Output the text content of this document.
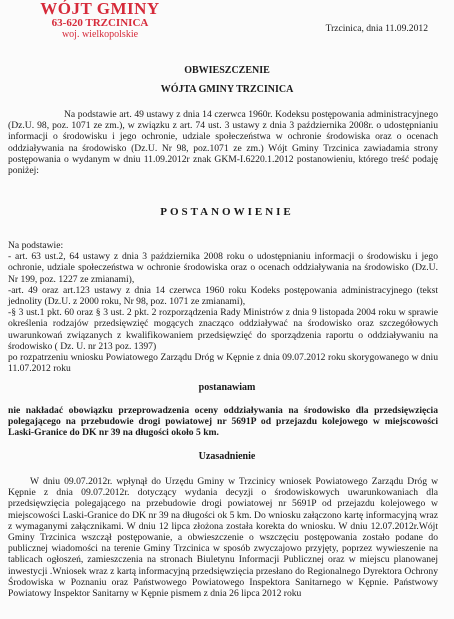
WÓJT GMINY
63-620 TRZCINICA
woj. wielkopolskie
Trzcinica, dnia 11.09.2012
OBWIESZCZENIE
WÓJTA GMINY TRZCINICA
Na podstawie art. 49 ustawy z dnia 14 czerwca 1960r. Kodeksu postępowania administracyjnego (Dz.U. 98, poz. 1071 ze zm.), w związku z art. 74 ust. 3 ustawy z dnia 3 października 2008r. o udostępnianiu informacji o środowisku i jego ochronie, udziale społeczeństwa w ochronie środowiska oraz o ocenach oddziaływania na środowisko (Dz.U. Nr 98, poz.1071 ze zm.) Wójt Gminy Trzcinica zawiadamia strony postępowania o wydanym w dniu 11.09.2012r znak GKM-I.6220.1.2012 postanowieniu, którego treść podaję poniżej:
POSTANOWIENIE
Na podstawie:
- art. 63 ust.2, 64 ustawy z dnia 3 października 2008 roku o udostępnianiu informacji o środowisku i jego ochronie, udziale społeczeństwa w ochronie środowiska oraz o ocenach oddziaływania na środowisko (Dz.U. Nr 199, poz. 1227 ze zmianami),
-art. 49 oraz art.123 ustawy z dnia 14 czerwca 1960 roku Kodeks postępowania administracyjnego (tekst jednolity (Dz.U. z 2000 roku, Nr 98, poz. 1071 ze zmianami),
-§ 3 ust.1 pkt. 60 oraz § 3 ust. 2 pkt. 2 rozporządzenia Rady Ministrów z dnia 9 listopada 2004 roku w sprawie określenia rodzajów przedsięwzięć mogących znacząco oddziaływać na środowisko oraz szczegółowych uwarunkowań związanych z kwalifikowaniem przedsięwzięć do sporządzenia raportu o oddziaływaniu na środowisko ( Dz. U. nr 213 poz. 1397)
po rozpatrzeniu wniosku Powiatowego Zarządu Dróg w Kępnie z dnia 09.07.2012 roku skorygowanego w dniu 11.07.2012 roku
postanawiam
nie nakładać obowiązku przeprowadzenia oceny oddziaływania na środowisko dla przedsięwzięcia polegającego na przebudowie drogi powiatowej nr 5691P od przejazdu kolejowego w miejscowości Laski-Granice do DK nr 39 na długości około 5 km.
Uzasadnienie
W dniu 09.07.2012r. wpłynął do Urzędu Gminy w Trzcinicy wniosek Powiatowego Zarządu Dróg w Kępnie z dnia 09.07.2012r. dotyczący wydania decyzji o środowiskowych uwarunkowaniach dla przedsięwzięcia polegającego na przebudowie drogi powiatowej nr 5691P od przejazdu kolejowego w miejscowości Laski-Granice do DK nr 39 na długości ok 5 km. Do wniosku załączono kartę informacyjną wraz z wymaganymi załącznikami. W dniu 12 lipca złożona została korekta do wniosku. W dniu 12.07.2012r.Wójt Gminy Trzcinica wszczął postępowanie, a obwieszczenie o wszczęciu postępowania zostało podane do publicznej wiadomości na terenie Gminy Trzcinica w sposób zwyczajowo przyjęty, poprzez wywieszenie na tablicach ogłoszeń, zamieszczenia na stronach Biuletynu Informacji Publicznej oraz w miejscu planowanej inwestycji .Wniosek wraz z kartą informacyjną przedsięwzięcia przesłano do Regionalnego Dyrektora Ochrony Środowiska w Poznaniu oraz Państwowego Powiatowego Inspektora Sanitarnego w Kępnie. Państwowy Powiatowy Inspektor Sanitarny w Kępnie pismem z dnia 26 lipca 2012 roku
